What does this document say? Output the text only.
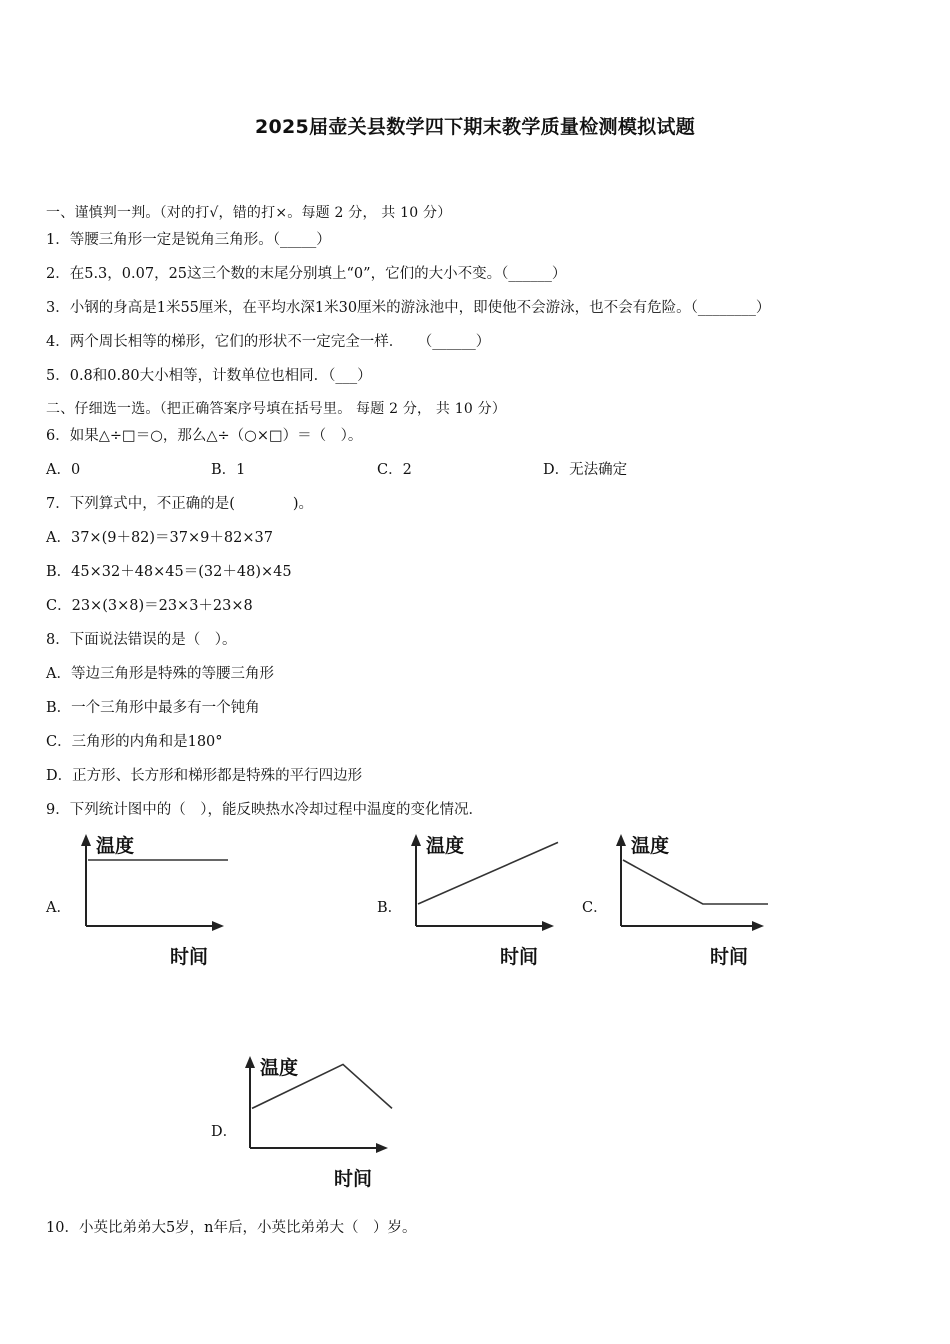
2025届壶关县数学四下期末教学质量检测模拟试题
一、谨慎判一判。（对的打√，错的打×。每题 2 分， 共 10 分）
1．等腰三角形一定是锐角三角形。（_____）
2．在5.3，0.07，25这三个数的末尾分别填上“0”，它们的大小不变。（______）
3．小钢的身高是1米55厘米，在平均水深1米30厘米的游泳池中，即使他不会游泳，也不会有危险。（________）
4．两个周长相等的梯形，它们的形状不一定完全一样．　　（______）
5．0.8和0.80大小相等，计数单位也相同．（___）
二、仔细选一选。（把正确答案序号填在括号里。 每题 2 分， 共 10 分）
6．如果△÷□＝○，那么△÷（○×□）＝（　）。
A．0	B．1	C．2	D．无法确定
7．下列算式中，不正确的是(　　　　)。
A．37×(9＋82)＝37×9＋82×37
B．45×32＋48×45＝(32＋48)×45
C．23×(3×8)＝23×3＋23×8
8．下面说法错误的是（　）。
A．等边三角形是特殊的等腰三角形
B．一个三角形中最多有一个钝角
C．三角形的内角和是180°
D．正方形、长方形和梯形都是特殊的平行四边形
9．下列统计图中的（　），能反映热水冷却过程中温度的变化情况．
A．	B．	C．
D．
温度
时间
温度
时间
温度
时间
温度
时间
10．小英比弟弟大5岁，n年后，小英比弟弟大（　）岁。
